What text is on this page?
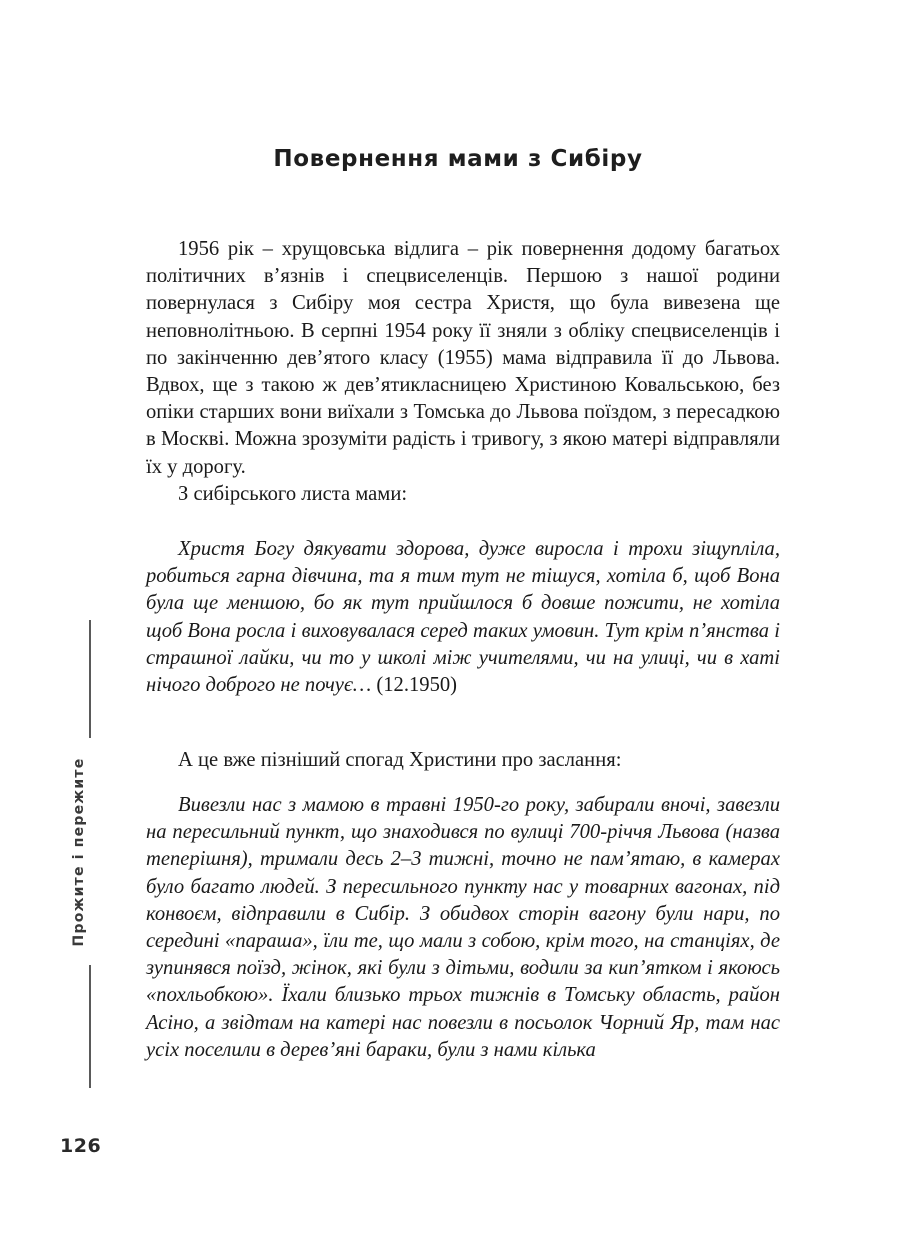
Повернення мами з Сибіру

1956 рік – хрущовська відлига – рік повернення додому багатьох політичних в’язнів і спецвиселенців. Першою з нашої родини повернулася з Сибіру моя сестра Христя, що була вивезена ще неповнолітньою. В серпні 1954 року її зняли з обліку спецвиселенців і по закінченню дев’ятого класу (1955) мама відправила її до Львова. Вдвох, ще з такою ж дев’ятикласницею Христиною Ковальською, без опіки старших вони виїхали з Томська до Львова поїздом, з пересадкою в Москві. Можна зрозуміти радість і тривогу, з якою матері відправляли їх у дорогу.

З сибірського листа мами:

Христя Богу дякувати здорова, дуже виросла і трохи зіщупліла, робиться гарна дівчина, та я тим тут не тішуся, хотіла б, щоб Вона була ще меншою, бо як тут прийшлося б довше пожити, не хотіла щоб Вона росла і виховувалася серед таких умовин. Тут крім п’янства і страшної лайки, чи то у школі між учителями, чи на улиці, чи в хаті нічого доброго не почує… (12.1950)

А це вже пізніший спогад Христини про заслання:

Вивезли нас з мамою в травні 1950-го року, забирали вночі, завезли на пересильний пункт, що знаходився по вулиці 700-річчя Львова (назва теперішня), тримали десь 2–3 тижні, точно не пам’ятаю, в камерах було багато людей. З пересильного пункту нас у товарних вагонах, під конвоєм, відправили в Сибір. З обидвох сторін вагону були нари, по середині «параша», їли те, що мали з собою, крім того, на станціях, де зупинявся поїзд, жінок, які були з дітьми, водили за кип’ятком і якоюсь «похльобкою». Їхали близько трьох тижнів в Томську область, район Асіно, а звідтам на катері нас повезли в посьолок Чорний Яр, там нас усіх поселили в дерев’яні бараки, були з нами кілька

Прожите і пережите
126
